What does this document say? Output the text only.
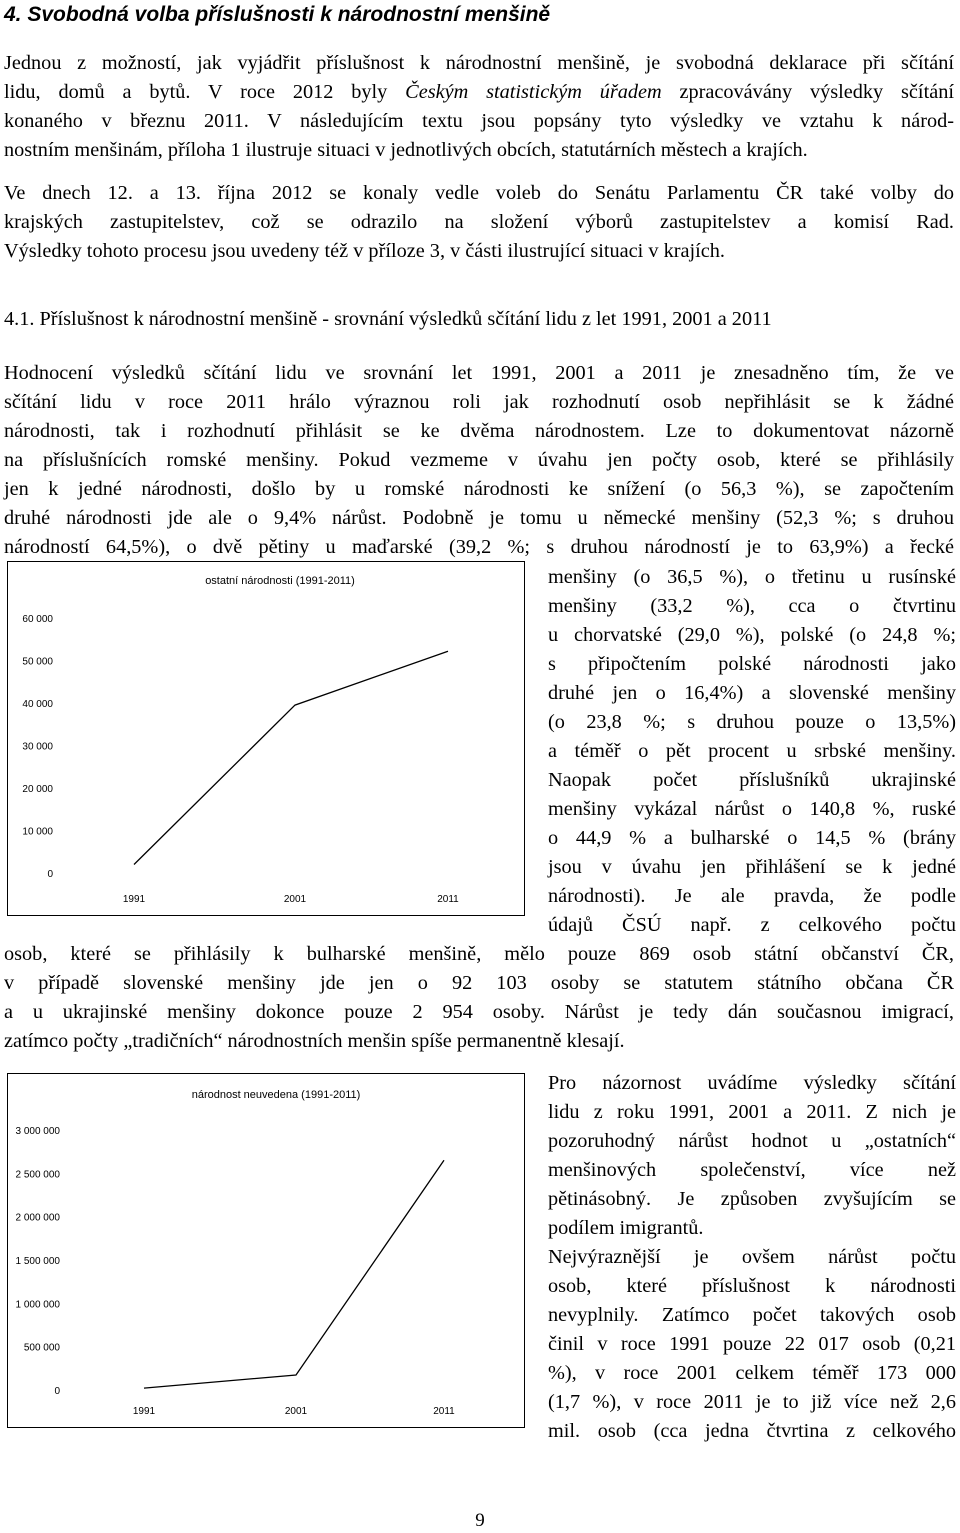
4. Svobodná volba příslušnosti k národnostní menšině
Jednou z možností, jak vyjádřit příslušnost k národnostní menšině, je svobodná deklarace při sčítání
lidu, domů a bytů. V roce 2012 byly Českým statistickým úřadem zpracovávány výsledky sčítání
konaného v březnu 2011. V následujícím textu jsou popsány tyto výsledky ve vztahu k národ-
nostním menšinám, příloha 1 ilustruje situaci v jednotlivých obcích, statutárních městech a krajích.
Ve dnech 12. a 13. října 2012 se konaly vedle voleb do Senátu Parlamentu ČR také volby do
krajských zastupitelstev, což se odrazilo na složení výborů zastupitelstev a komisí Rad.
Výsledky tohoto procesu jsou uvedeny též v příloze 3, v části ilustrující situaci v krajích.

4.1. Příslušnost k národnostní menšině - srovnání výsledků sčítání lidu z let 1991, 2001 a 2011

Hodnocení výsledků sčítání lidu ve srovnání let 1991, 2001 a 2011 je znesadněno tím, že ve
sčítání lidu v roce 2011 hrálo výraznou roli jak rozhodnutí osob nepřihlásit se k žádné
národnosti, tak i rozhodnutí přihlásit se ke dvěma národnostem. Lze to dokumentovat názorně
na příslušnících romské menšiny. Pokud vezmeme v úvahu jen počty osob, které se přihlásily
jen k jedné národnosti, došlo by u romské národnosti ke snížení (o 56,3 %), se započtením
druhé národnosti jde ale o 9,4% nárůst. Podobně je tomu u německé menšiny (52,3 %; s druhou
národností 64,5%), o dvě pětiny u maďarské (39,2 %; s druhou národností je to 63,9%) a řecké
ostatní národnosti (1991-2011)
0
10 000
20 000
30 000
40 000
50 000
60 000
1991	2001	2011
menšiny (o 36,5 %), o třetinu u rusínské
menšiny (33,2 %), cca o čtvrtinu
u chorvatské (29,0 %), polské (o 24,8 %;
s připočtením polské národnosti jako
druhé jen o 16,4%) a slovenské menšiny
(o 23,8 %; s druhou pouze o 13,5%)
a téměř o pět procent u srbské menšiny.
Naopak počet příslušníků ukrajinské
menšiny vykázal nárůst o 140,8 %, ruské
o 44,9 % a bulharské o 14,5 % (brány
jsou v úvahu jen přihlášení se k jedné
národnosti). Je ale pravda, že podle
údajů ČSÚ např. z celkového počtu
osob, které se přihlásily k bulharské menšině, mělo pouze 869 osob státní občanství ČR,
v případě slovenské menšiny jde jen o 92 103 osoby se statutem státního občana ČR
a u ukrajinské menšiny dokonce pouze 2 954 osoby. Nárůst je tedy dán současnou imigrací,
zatímco počty „tradičních“ národnostních menšin spíše permanentně klesají.
národnost neuvedena (1991-2011)
0
500 000
1 000 000
1 500 000
2 000 000
2 500 000
3 000 000
1991	2001	2011
Pro názornost uvádíme výsledky sčítání
lidu z roku 1991, 2001 a 2011. Z nich je
pozoruhodný nárůst hodnot u „ostatních“
menšinových společenství, více než
pětinásobný. Je způsoben zvyšujícím se
podílem imigrantů.
Nejvýraznější je ovšem nárůst počtu
osob, které příslušnost k národnosti
nevyplnily. Zatímco počet takových osob
činil v roce 1991 pouze 22 017 osob (0,21
%), v roce 2001 celkem téměř 173 000
(1,7 %), v roce 2011 je to již více než 2,6
mil. osob (cca jedna čtvrtina z celkového
9
